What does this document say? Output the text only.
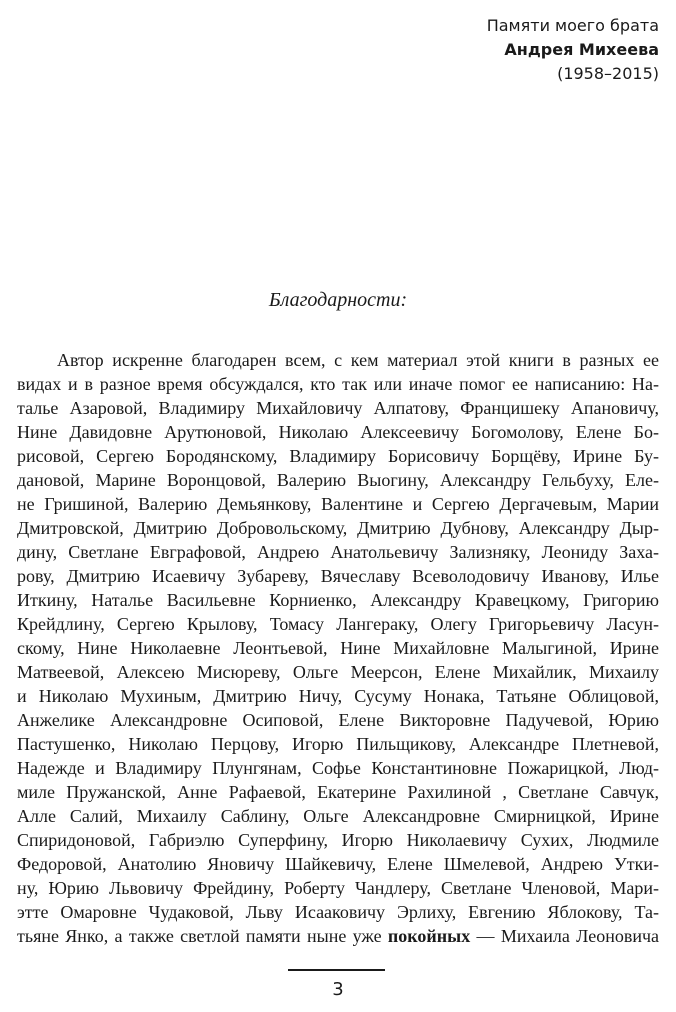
Памяти моего брата
Андрея Михеева
(1958–2015)
Благодарности:
Автор искренне благодарен всем, с кем материал этой книги в разных ее
видах и в разное время обсуждался, кто так или иначе помог ее написанию: На-
талье Азаровой, Владимиру Михайловичу Алпатову, Францишеку Апановичу,
Нине Давидовне Арутюновой, Николаю Алексеевичу Богомолову, Елене Бо-
рисовой, Сергею Бородянскому, Владимиру Борисовичу Борщёву, Ирине Бу-
дановой, Марине Воронцовой, Валерию Выогину, Александру Гельбуху, Еле-
не Гришиной, Валерию Демьянкову, Валентине и Сергею Дергачевым, Марии
Дмитровской, Дмитрию Добровольскому, Дмитрию Дубнову, Александру Дыр-
дину, Светлане Евграфовой, Андрею Анатольевичу Зализняку, Леониду Заха-
рову, Дмитрию Исаевичу Зубареву, Вячеславу Всеволодовичу Иванову, Илье
Иткину, Наталье Васильевне Корниенко, Александру Кравецкому, Григорию
Крейдлину, Сергею Крылову, Томасу Лангераку, Олегу Григорьевичу Ласун-
скому, Нине Николаевне Леонтьевой, Нине Михайловне Малыгиной, Ирине
Матвеевой, Алексею Мисюреву, Ольге Меерсон, Елене Михайлик, Михаилу
и Николаю Мухиным, Дмитрию Ничу, Сусуму Нонака, Татьяне Облицовой,
Анжелике Александровне Осиповой, Елене Викторовне Падучевой, Юрию
Пастушенко, Николаю Перцову, Игорю Пильщикову, Александре Плетневой,
Надежде и Владимиру Плунгянам, Софье Константиновне Пожарицкой, Люд-
миле Пружанской, Анне Рафаевой, Екатерине Рахилиной , Светлане Савчук,
Алле Салий, Михаилу Саблину, Ольге Александровне Смирницкой, Ирине
Спиридоновой, Габриэлю Суперфину, Игорю Николаевичу Сухих, Людмиле
Федоровой, Анатолию Яновичу Шайкевичу, Елене Шмелевой, Андрею Утки-
ну, Юрию Львовичу Фрейдину, Роберту Чандлеру, Светлане Членовой, Мари-
этте Омаровне Чудаковой, Льву Исааковичу Эрлиху, Евгению Яблокову, Та-
тьяне Янко, а также светлой памяти ныне уже покойных — Михаила Леоновича
3
